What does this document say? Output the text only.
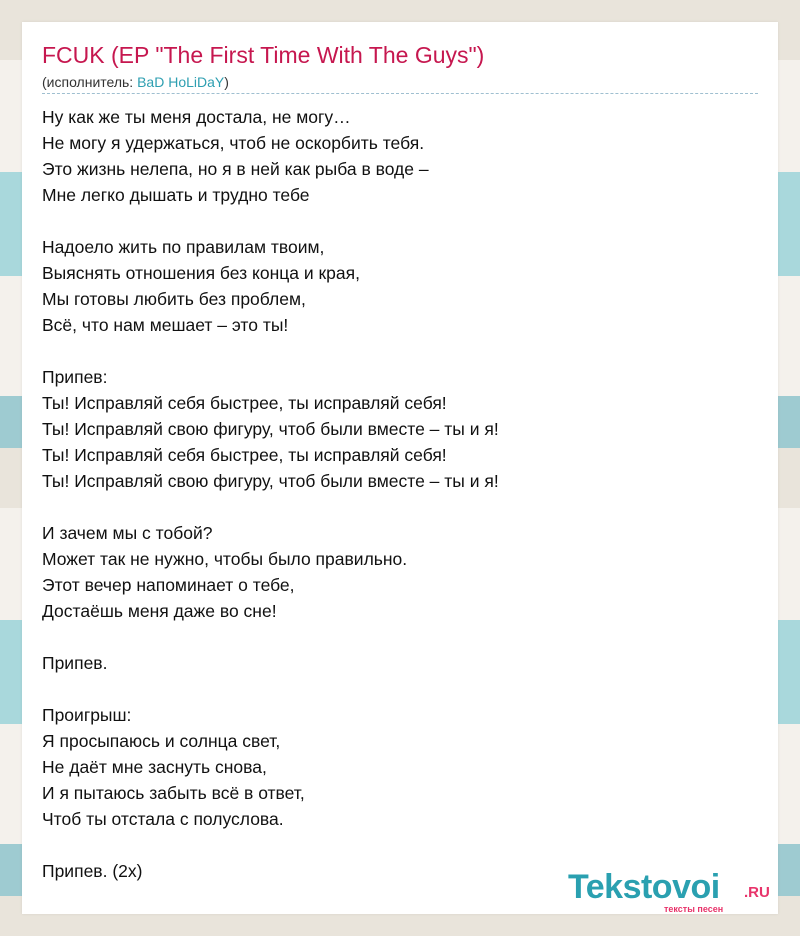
FCUK (EP "The First Time With The Guys")
(исполнитель: BaD HoLiDaY)
Ну как же ты меня достала, не могу…
Не могу я удержаться, чтоб не оскорбить тебя.
Это жизнь нелепа, но я в ней как рыба в воде –
Мне легко дышать и трудно тебе
Надоело жить по правилам твоим,
Выяснять отношения без конца и края,
Мы готовы любить без проблем,
Всё, что нам мешает – это ты!
Припев:
Ты! Исправляй себя быстрее, ты исправляй себя!
Ты! Исправляй свою фигуру, чтоб были вместе – ты и я!
Ты! Исправляй себя быстрее, ты исправляй себя!
Ты! Исправляй свою фигуру, чтоб были вместе – ты и я!
И зачем мы с тобой?
Может так не нужно, чтобы было правильно.
Этот вечер напоминает о тебе,
Достаёшь меня даже во сне!
Припев.
Проигрыш:
Я просыпаюсь и солнца свет,
Не даёт мне заснуть снова,
И я пытаюсь забыть всё в ответ,
Чтоб ты отстала с полуслова.
Припев. (2x)	Tekstovoi .RU
тексты песен
